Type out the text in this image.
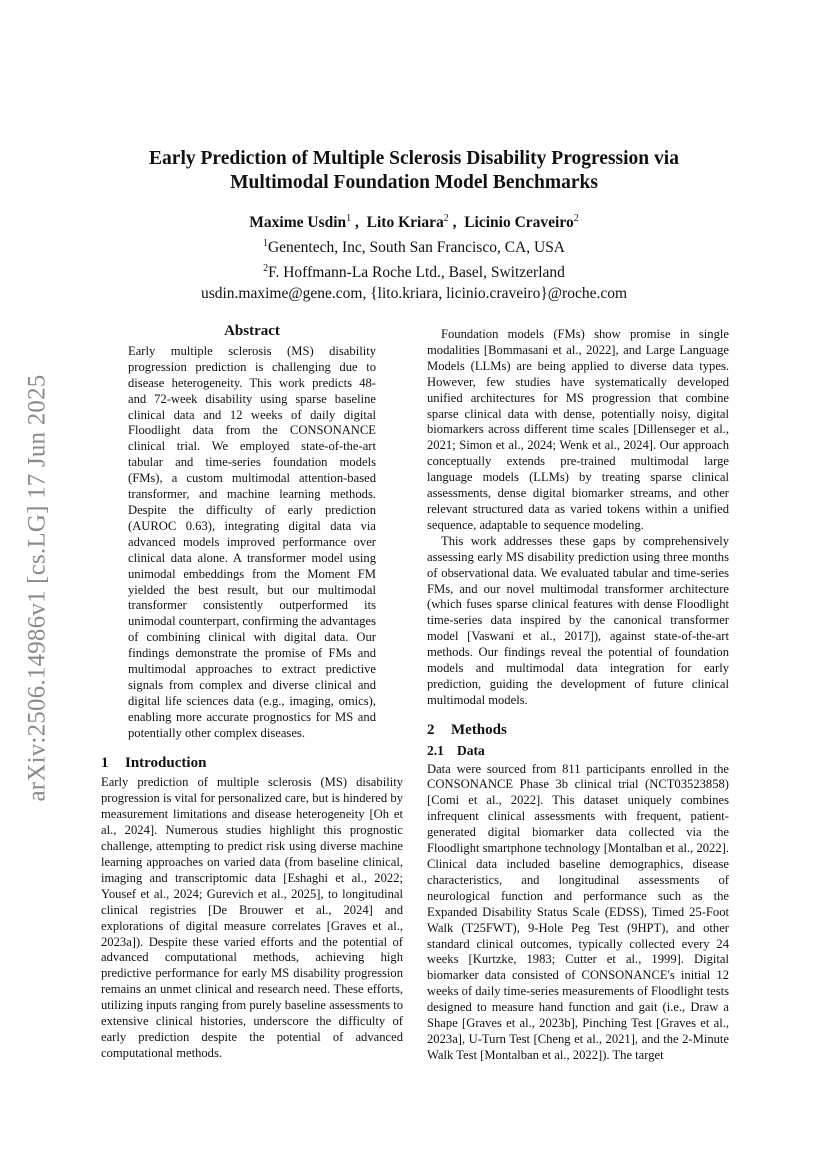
arXiv:2506.14986v1 [cs.LG] 17 Jun 2025
Early Prediction of Multiple Sclerosis Disability Progression via
Multimodal Foundation Model Benchmarks
Maxime Usdin$^1$ ,  Lito Kriara$^2$ ,  Licinio Craveiro$^2$
$^1$Genentech, Inc, South San Francisco, CA, USA
$^2$F. Hoffmann-La Roche Ltd., Basel, Switzerland
usdin.maxime@gene.com, {lito.kriara, licinio.craveiro}@roche.com
Abstract

Early multiple sclerosis (MS) disability progression prediction is challenging due to disease heterogeneity. This work predicts 48- and 72-week disability using sparse baseline clinical data and 12 weeks of daily digital Floodlight data from the CONSONANCE clinical trial. We employed state-of-the-art tabular and time-series foundation models (FMs), a custom multimodal attention-based transformer, and machine learning methods. Despite the difficulty of early prediction (AUROC 0.63), integrating digital data via advanced models improved performance over clinical data alone. A transformer model using unimodal embeddings from the Moment FM yielded the best result, but our multimodal transformer consistently outperformed its unimodal counterpart, confirming the advantages of combining clinical with digital data. Our findings demonstrate the promise of FMs and multimodal approaches to extract predictive signals from complex and diverse clinical and digital life sciences data (e.g., imaging, omics), enabling more accurate prognostics for MS and potentially other complex diseases.

1 Introduction

Early prediction of multiple sclerosis (MS) disability progression is vital for personalized care, but is hindered by measurement limitations and disease heterogeneity [Oh et al., 2024]. Numerous studies highlight this prognostic challenge, attempting to predict risk using diverse machine learning approaches on varied data (from baseline clinical, imaging and transcriptomic data [Eshaghi et al., 2022; Yousef et al., 2024; Gurevich et al., 2025], to longitudinal clinical registries [De Brouwer et al., 2024] and explorations of digital measure correlates [Graves et al., 2023a]). Despite these varied efforts and the potential of advanced computational methods, achieving high predictive performance for early MS disability progression remains an unmet clinical and research need. These efforts, utilizing inputs ranging from purely baseline assessments to extensive clinical histories, underscore the difficulty of early prediction despite the potential of advanced computational methods.

Foundation models (FMs) show promise in single modalities [Bommasani et al., 2022], and Large Language Models (LLMs) are being applied to diverse data types. However, few studies have systematically developed unified architectures for MS progression that combine sparse clinical data with dense, potentially noisy, digital biomarkers across different time scales [Dillenseger et al., 2021; Simon et al., 2024; Wenk et al., 2024]. Our approach conceptually extends pre-trained multimodal large language models (LLMs) by treating sparse clinical assessments, dense digital biomarker streams, and other relevant structured data as varied tokens within a unified sequence, adaptable to sequence modeling.

This work addresses these gaps by comprehensively assessing early MS disability prediction using three months of observational data. We evaluated tabular and time-series FMs, and our novel multimodal transformer architecture (which fuses sparse clinical features with dense Floodlight time-series data inspired by the canonical transformer model [Vaswani et al., 2017]), against state-of-the-art methods. Our findings reveal the potential of foundation models and multimodal data integration for early prediction, guiding the development of future clinical multimodal models.

2 Methods
2.1 Data

Data were sourced from 811 participants enrolled in the CONSONANCE Phase 3b clinical trial (NCT03523858) [Comi et al., 2022]. This dataset uniquely combines infrequent clinical assessments with frequent, patient-generated digital biomarker data collected via the Floodlight smartphone technology [Montalban et al., 2022]. Clinical data included baseline demographics, disease characteristics, and longitudinal assessments of neurological function and performance such as the Expanded Disability Status Scale (EDSS), Timed 25-Foot Walk (T25FWT), 9-Hole Peg Test (9HPT), and other standard clinical outcomes, typically collected every 24 weeks [Kurtzke, 1983; Cutter et al., 1999]. Digital biomarker data consisted of CONSONANCE's initial 12 weeks of daily time-series measurements of Floodlight tests designed to measure hand function and gait (i.e., Draw a Shape [Graves et al., 2023b], Pinching Test [Graves et al., 2023a], U-Turn Test [Cheng et al., 2021], and the 2-Minute Walk Test [Montalban et al., 2022]). The target
